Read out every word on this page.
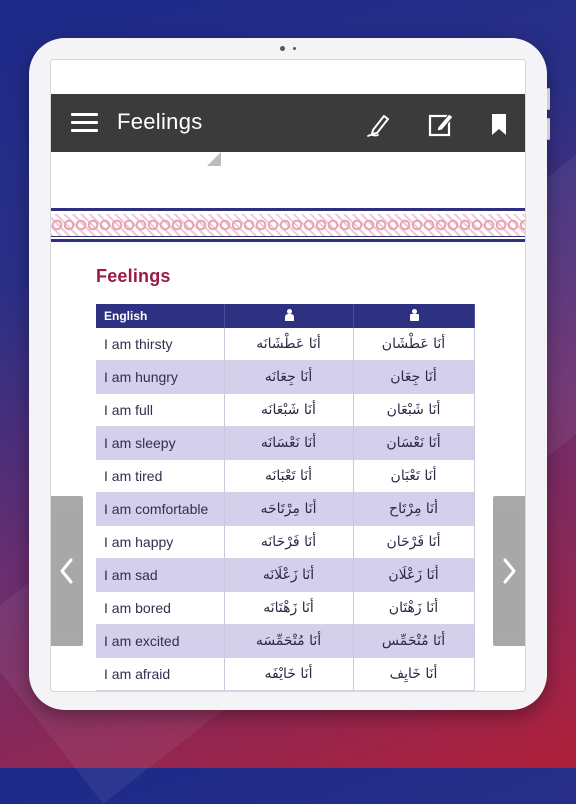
Feelings
Feelings
English	

I am thirsty	أنَا عَطْشَانَه	أنَا عَطْشَان
I am hungry	أنَا جِعَانَه	أنَا جِعَان
I am full	أنَا شَبْعَانَه	أنَا شَبْعَان
I am sleepy	أنَا نَعْسَانَه	أنَا نَعْسَان
I am tired	أنَا تَعْبَانَه	أنَا تَعْبَان
I am comfortable	أنَا مِرْتَاحَه	أنَا مِرْتَاح
I am happy	أنَا فَرْحَانَه	أنَا فَرْحَان
I am sad	أنَا زَعْلَانَه	أنَا زَعْلَان
I am bored	أنَا زَهْتَانَه	أنَا زَهْتَان
I am excited	أنَا مُتْحَمِّسَه	أنَا مُتْحَمِّس
I am afraid	أنَا خَايْفَه	أنَا خَايِف
